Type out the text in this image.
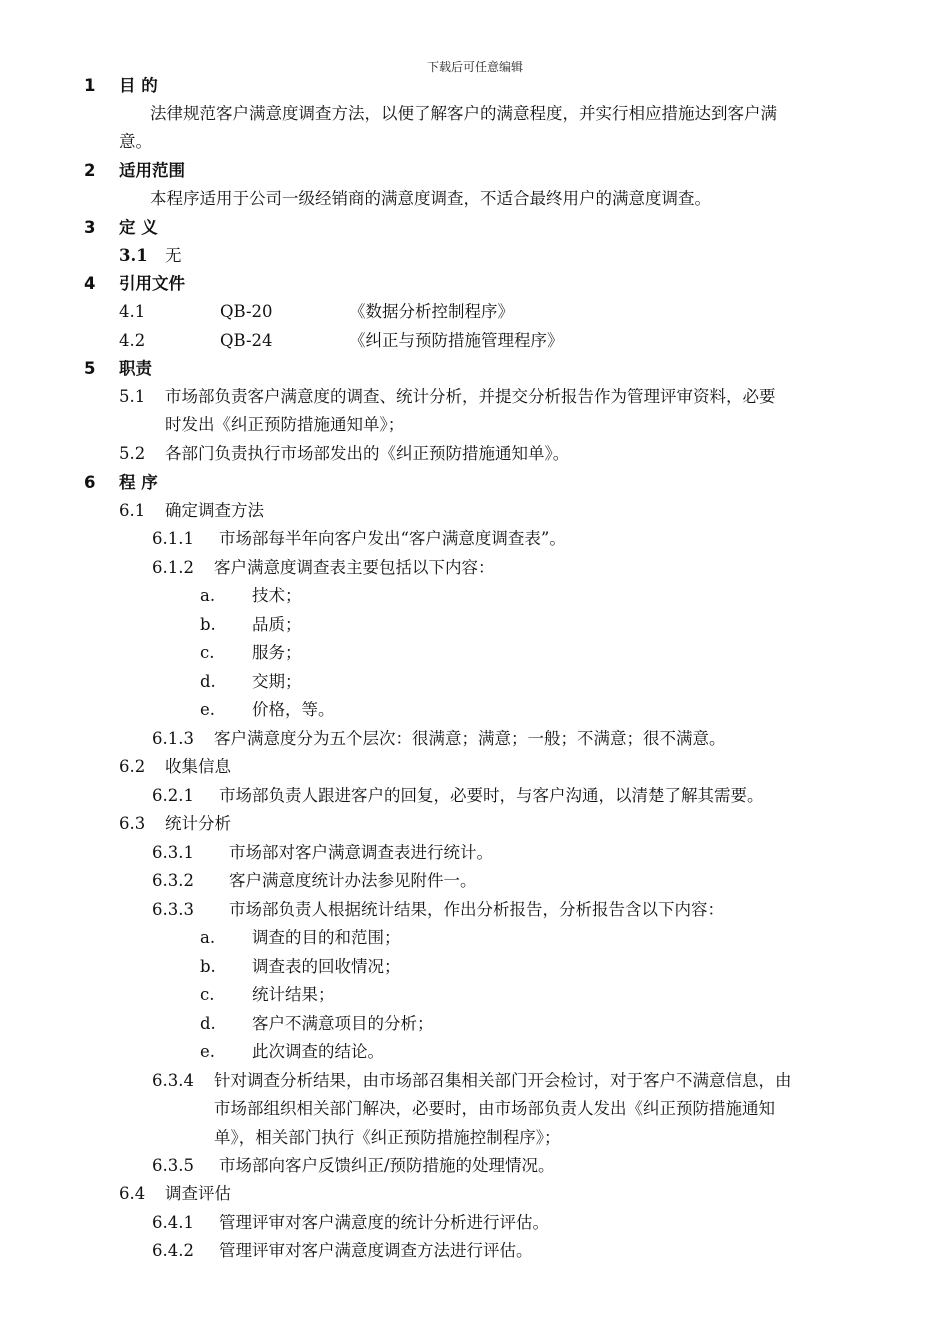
下载后可任意编辑
1 目 的
法律规范客户满意度调查方法，以便了解客户的满意程度，并实行相应措施达到客户满
意。
2 适用范围
本程序适用于公司一级经销商的满意度调查，不适合最终用户的满意度调查。
3 定 义
3.1 无
4 引用文件
4.1	QB-20	《数据分析控制程序》
4.2	QB-24	《纠正与预防措施管理程序》
5 职责
5.1 市场部负责客户满意度的调查、统计分析，并提交分析报告作为管理评审资料，必要
时发出《纠正预防措施通知单》；
5.2 各部门负责执行市场部发出的《纠正预防措施通知单》。
6 程 序
6.1 确定调查方法
6.1.1 市场部每半年向客户发出“客户满意度调查表”。
6.1.2 客户满意度调查表主要包括以下内容：
a. 技术；
b. 品质；
c. 服务；
d. 交期；
e. 价格，等。
6.1.3 客户满意度分为五个层次：很满意；满意；一般；不满意；很不满意。
6.2 收集信息
6.2.1 市场部负责人跟进客户的回复，必要时，与客户沟通，以清楚了解其需要。
6.3 统计分析
6.3.1 市场部对客户满意调查表进行统计。
6.3.2 客户满意度统计办法参见附件一。
6.3.3 市场部负责人根据统计结果，作出分析报告，分析报告含以下内容：
a. 调查的目的和范围；
b. 调查表的回收情况；
c. 统计结果；
d. 客户不满意项目的分析；
e. 此次调查的结论。
6.3.4 针对调查分析结果，由市场部召集相关部门开会检讨，对于客户不满意信息，由
市场部组织相关部门解决，必要时，由市场部负责人发出《纠正预防措施通知
单》，相关部门执行《纠正预防措施控制程序》；
6.3.5 市场部向客户反馈纠正/预防措施的处理情况。
6.4 调查评估
6.4.1 管理评审对客户满意度的统计分析进行评估。
6.4.2 管理评审对客户满意度调查方法进行评估。
